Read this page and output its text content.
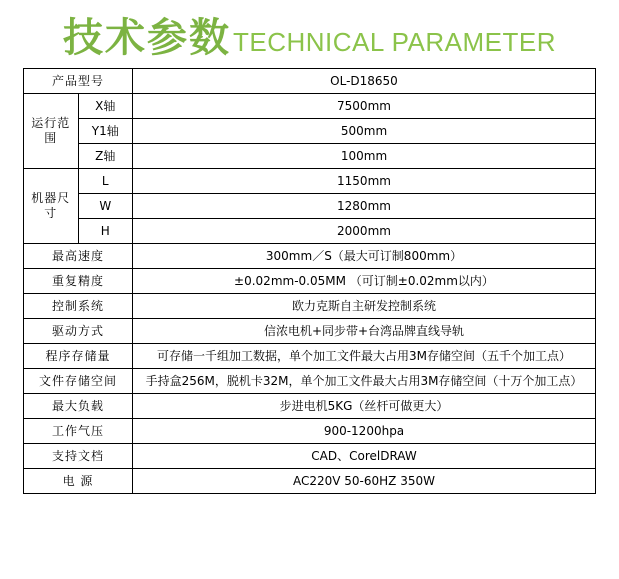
技术参数 TECHNICAL PARAMETER
产品型号		OL-D18650
运行范围	X轴	7500mm
	Y1轴	500mm
	Z轴	100mm
机器尺寸	L	1150mm
	W	1280mm
	H	2000mm
最高速度		300mm／S（最大可订制800mm）
重复精度		±0.02mm-0.05MM （可订制±0.02mm以内）
控制系统		欧力克斯自主研发控制系统
驱动方式		信浓电机+同步带+台湾品牌直线导轨
程序存储量		可存储一千组加工数据，单个加工文件最大占用3M存储空间（五千个加工点）
文件存储空间		手持盒256M，脱机卡32M，单个加工文件最大占用3M存储空间（十万个加工点）
最大负载		步进电机5KG（丝杆可做更大）
工作气压		900-1200hpa
支持文档		CAD、CorelDRAW
电 源		AC220V 50-60HZ 350W
